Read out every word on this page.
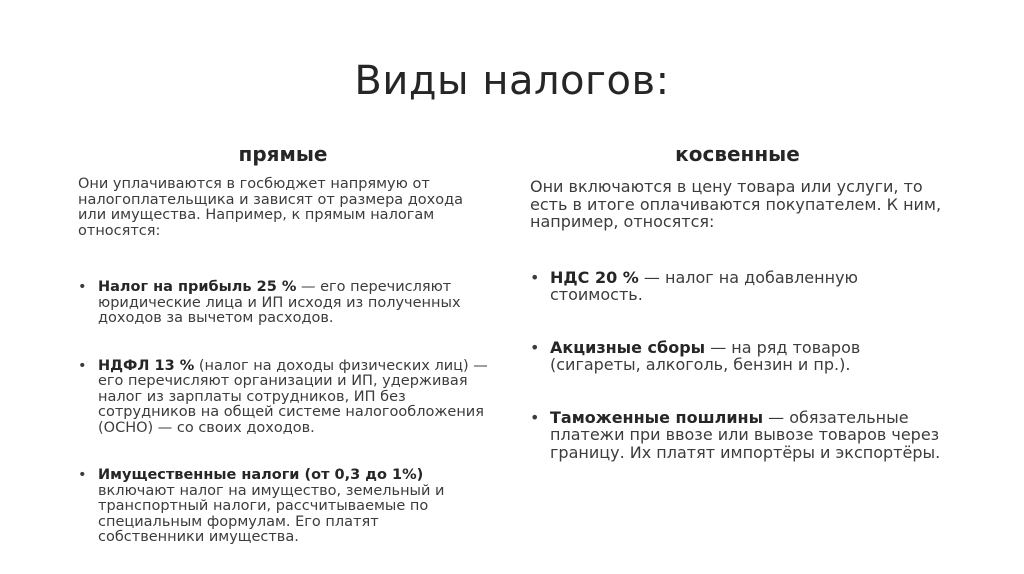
Виды налогов:
прямые	косвенные

Они уплачиваются в госбюджет напрямую от налогоплательщика и зависят от размера дохода или имущества. Например, к прямым налогам относятся:

• Налог на прибыль 25 % — его перечисляют юридические лица и ИП исходя из полученных доходов за вычетом расходов.
• НДФЛ 13 % (налог на доходы физических лиц) — его перечисляют организации и ИП, удерживая налог из зарплаты сотрудников, ИП без сотрудников на общей системе налогообложения (ОСНО) — со своих доходов.
• Имущественные налоги (от 0,3 до 1%) включают налог на имущество, земельный и транспортный налоги, рассчитываемые по специальным формулам. Его платят собственники имущества.

Они включаются в цену товара или услуги, то есть в итоге оплачиваются покупателем. К ним, например, относятся:

• НДС 20 % — налог на добавленную стоимость.
• Акцизные сборы — на ряд товаров (сигареты, алкоголь, бензин и пр.).
• Таможенные пошлины — обязательные платежи при ввозе или вывозе товаров через границу. Их платят импортёры и экспортёры.
